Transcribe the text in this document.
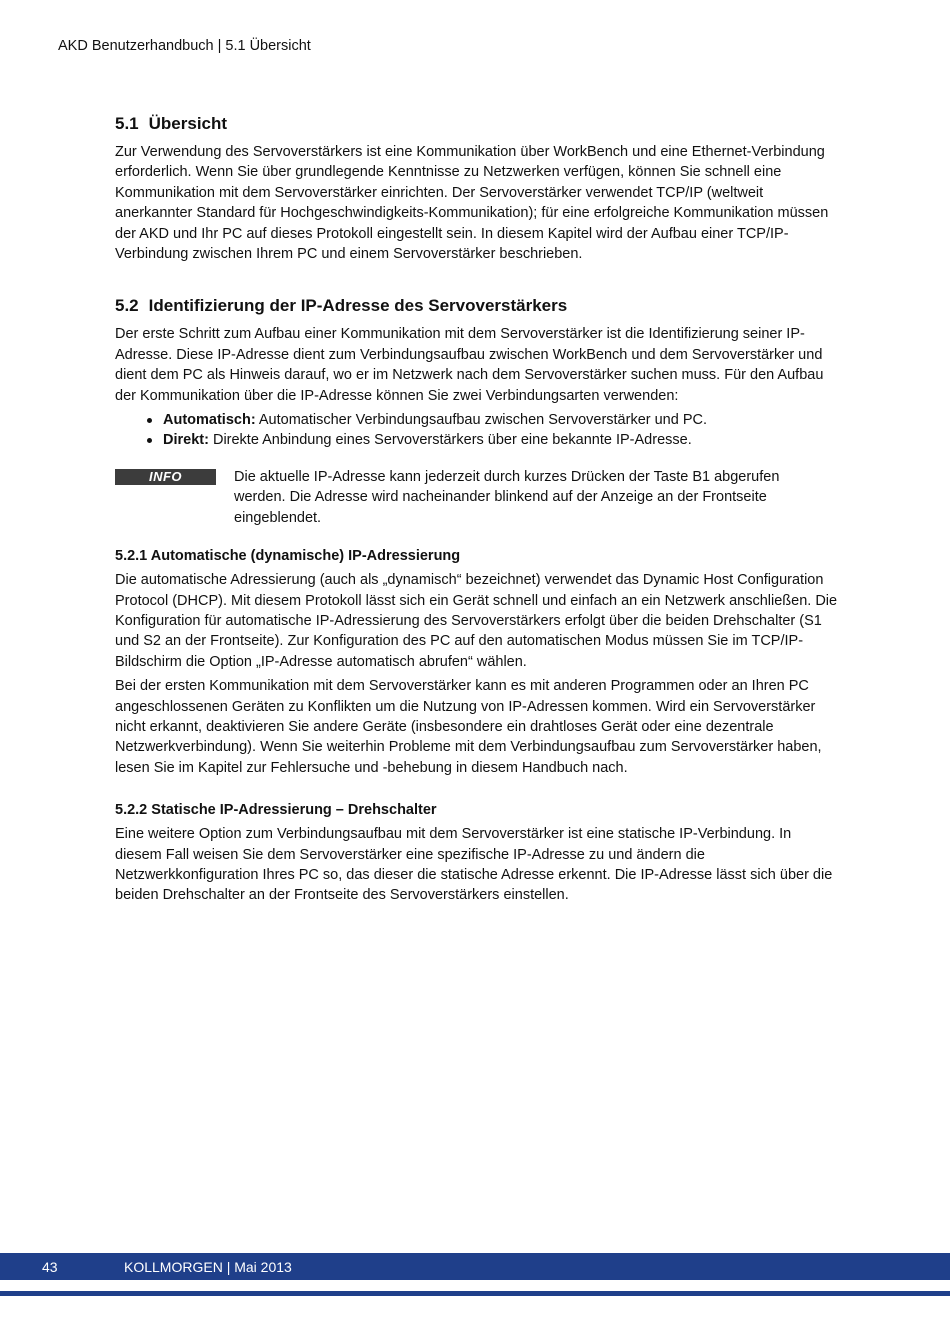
AKD Benutzerhandbuch | 5.1 Übersicht
5.1 Übersicht

Zur Verwendung des Servoverstärkers ist eine Kommunikation über WorkBench und eine Ethernet-Verbindung erforderlich. Wenn Sie über grundlegende Kenntnisse zu Netzwerken verfügen, können Sie schnell eine Kommunikation mit dem Servoverstärker einrichten. Der Servoverstärker verwendet TCP/IP (weltweit anerkannter Standard für Hochgeschwindigkeits-Kommunikation); für eine erfolgreiche Kommunikation müssen der AKD und Ihr PC auf dieses Protokoll eingestellt sein. In diesem Kapitel wird der Aufbau einer TCP/IP-Verbindung zwischen Ihrem PC und einem Servoverstärker beschrieben.

5.2 Identifizierung der IP-Adresse des Servoverstärkers

Der erste Schritt zum Aufbau einer Kommunikation mit dem Servoverstärker ist die Identifizierung seiner IP-Adresse. Diese IP-Adresse dient zum Verbindungsaufbau zwischen WorkBench und dem Servoverstärker und dient dem PC als Hinweis darauf, wo er im Netzwerk nach dem Servoverstärker suchen muss. Für den Aufbau der Kommunikation über die IP-Adresse können Sie zwei Verbindungsarten verwenden:

Automatisch: Automatischer Verbindungsaufbau zwischen Servoverstärker und PC.
Direkt: Direkte Anbindung eines Servoverstärkers über eine bekannte IP-Adresse.
INFO	Die aktuelle IP-Adresse kann jederzeit durch kurzes Drücken der Taste B1 abgerufen werden. Die Adresse wird nacheinander blinkend auf der Anzeige an der Frontseite eingeblendet.
5.2.1 Automatische (dynamische) IP-Adressierung

Die automatische Adressierung (auch als „dynamisch“ bezeichnet) verwendet das Dynamic Host Configuration Protocol (DHCP). Mit diesem Protokoll lässt sich ein Gerät schnell und einfach an ein Netzwerk anschließen. Die Konfiguration für automatische IP-Adressierung des Servoverstärkers erfolgt über die beiden Drehschalter (S1 und S2 an der Frontseite). Zur Konfiguration des PC auf den automatischen Modus müssen Sie im TCP/IP-Bildschirm die Option „IP-Adresse automatisch abrufen“ wählen.

Bei der ersten Kommunikation mit dem Servoverstärker kann es mit anderen Programmen oder an Ihren PC angeschlossenen Geräten zu Konflikten um die Nutzung von IP-Adressen kommen. Wird ein Servoverstärker nicht erkannt, deaktivieren Sie andere Geräte (insbesondere ein drahtloses Gerät oder eine dezentrale Netzwerkverbindung). Wenn Sie weiterhin Probleme mit dem Verbindungsaufbau zum Servoverstärker haben, lesen Sie im Kapitel zur Fehlersuche und -behebung in diesem Handbuch nach.

5.2.2 Statische IP-Adressierung – Drehschalter

Eine weitere Option zum Verbindungsaufbau mit dem Servoverstärker ist eine statische IP-Verbindung. In diesem Fall weisen Sie dem Servoverstärker eine spezifische IP-Adresse zu und ändern die Netzwerkkonfiguration Ihres PC so, das dieser die statische Adresse erkennt. Die IP-Adresse lässt sich über die beiden Drehschalter an der Frontseite des Servoverstärkers einstellen.

43	KOLLMORGEN | Mai 2013
